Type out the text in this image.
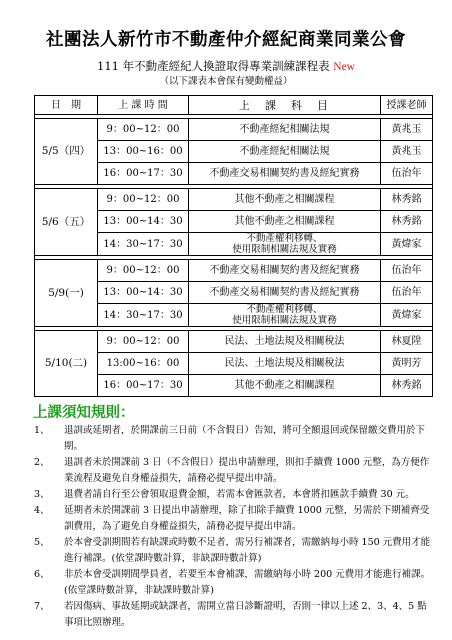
社團法人新竹市不動產仲介經紀商業同業公會
111 年不動產經紀人換證取得專業訓練課程表 New
（以下課表本會保有變動權益）
日　期	上 課 時 間	上　課　科　目	授課老師

5/5（四）	9：00~12：00	不動產經紀相關法規	黃兆玉
	13：00~16：00	不動產經紀相關法規	黃兆玉
	16：00~17：30	不動產交易相關契約書及經紀實務	伍治年

5/6（五）	9：00~12：00	其他不動產之相關課程	林秀銘
	13：00~14：30	其他不動產之相關課程	林秀銘
	14：30~17：30	不動產權利移轉、
使用限制相關法規及實務	黃煒家

5/9(一)	9：00~12：00	不動產交易相關契約書及經紀實務	伍治年
	13：00~14：30	不動產交易相關契約書及經紀實務	伍治年
	14：30~17：30	不動產權利移轉、
使用限制相關法規及實務	黃煒家

5/10(二)	9：00~12：00	民法、土地法規及相關稅法	林夏陞
	13:00~16：00	民法、土地法規及相關稅法	黃明芳
	16：00~17：30	其他不動產之相關課程	林秀銘
上課須知規則：
1、	退訓或延期者，於開課前三日前（不含假日）告知，將可全額退回或保留繳交費用於下期。
2、	退訓者未於開課前 3 日（不含假日）提出申請辦理，則扣手續費 1000 元整，為方便作業流程及避免自身權益損失，請務必提早提出申請。
3、	退費者請自行至公會領取退費金額，若需本會匯款者，本會將扣匯款手續費 30 元。
4、	延期者未於開課前 3 日提出申請辦理，除了扣除手續費 1000 元整，另需於下期補齊受訓費用，為了避免自身權益損失，請務必提早提出申請。
5、	於本會受訓期間若有缺課或時數不足者，需另行補課者，需繳納每小時 150 元費用才能進行補課。(依堂課時數計算，非缺課時數計算)
6、	非於本會受訓期間學員者，若要至本會補課，需繳納每小時 200 元費用才能進行補課。(依堂課時數計算，非缺課時數計算)
7、	若因傷病、事故延期或缺課者，需開立當日診斷證明，否則一律以上述 2、3、4、5 點事項比照辦理。
